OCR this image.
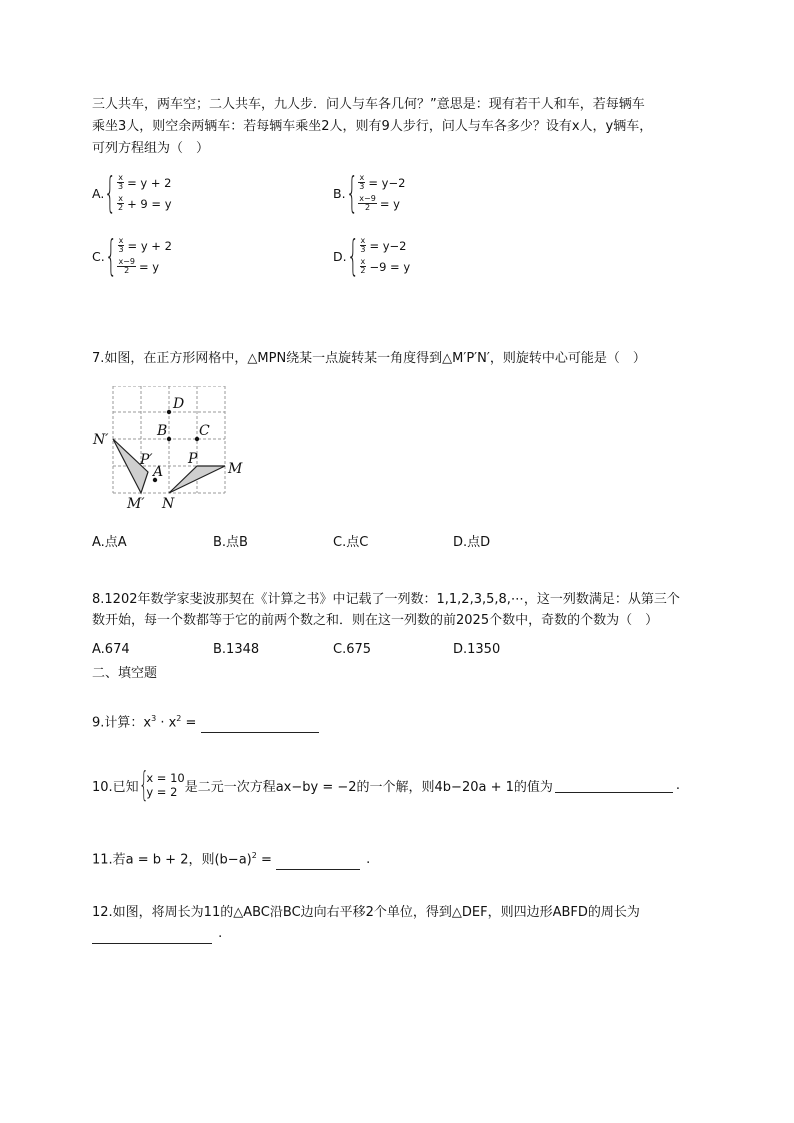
三人共车，两车空；二人共车，九人步．问人与车各几何？”意思是：现有若干人和车，若每辆车
乘坐3人，则空余两辆车：若每辆车乘坐2人，则有9人步行，问人与车各多少？设有x人，y辆车，
可列方程组为（　）
A. { $\frac{x}{3} = y + 2$
$\frac{x}{2} + 9 = y$
B. { $\frac{x}{3} = y-2$
$\frac{x-9}{2} = y$
C. { $\frac{x}{3} = y + 2$
$\frac{x-9}{2} = y$
D. { $\frac{x}{3} = y-2$
$\frac{x}{2} -9 = y$
7.如图，在正方形网格中，△MPN绕某一点旋转某一角度得到△M′P′N′，则旋转中心可能是（　）
D
B C
N′
P′	P
M
A
M′ N
A.点A	B.点B	C.点C	D.点D
8.1202年数学家斐波那契在《计算之书》中记载了一列数：1,1,2,3,5,8,⋯，这一列数满足：从第三个
数开始，每一个数都等于它的前两个数之和．则在这一列数的前2025个数中，奇数的个数为（　）
A.674	B.1348	C.675	D.1350
二、填空题
9.计算：$x^3 \cdot x^2$ =
10.已知 {
x = 10
y = 2 是二元一次方程ax−by = −2的一个解，则4b−20a + 1的值为	.
11.若a = b + 2，则$(b-a)^2$ =	.
12.如图，将周长为11的△ABC沿BC边向右平移2个单位，得到△DEF，则四边形ABFD的周长为
.
